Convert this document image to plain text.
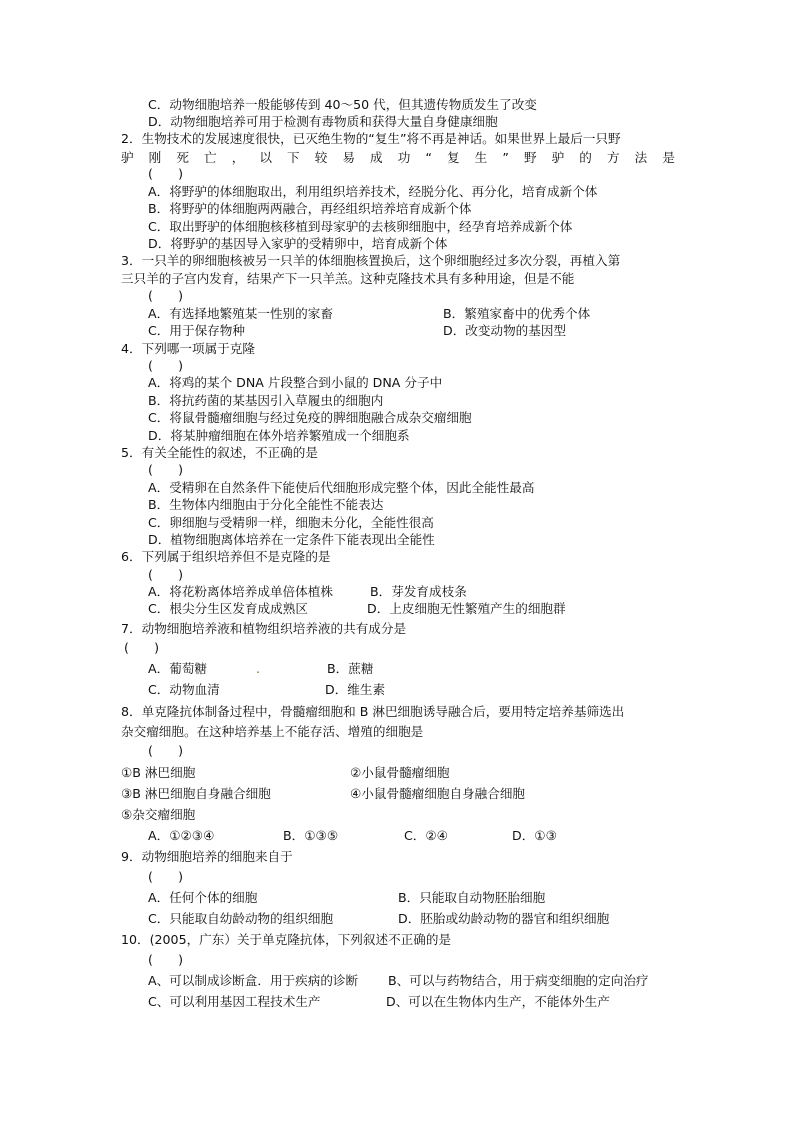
C．动物细胞培养一般能够传到 40～50 代，但其遗传物质发生了改变
D．动物细胞培养可用于检测有毒物质和获得大量自身健康细胞
2．生物技术的发展速度很快，已灭绝生物的“复生”将不再是神话。如果世界上最后一只野
驴 刚 死 亡 ， 以 下 较 易 成 功 “ 复 生 ” 野 驴 的 方 法 是
(　　)
A．将野驴的体细胞取出，利用组织培养技术，经脱分化、再分化，培育成新个体
B．将野驴的体细胞两两融合，再经组织培养培育成新个体
C．取出野驴的体细胞核移植到母家驴的去核卵细胞中，经孕育培养成新个体
D．将野驴的基因导入家驴的受精卵中，培育成新个体
3．一只羊的卵细胞核被另一只羊的体细胞核置换后，这个卵细胞经过多次分裂，再植入第
三只羊的子宫内发育，结果产下一只羊羔。这种克隆技术具有多种用途，但是不能
(　　)
A．有选择地繁殖某一性别的家畜	B．繁殖家畜中的优秀个体
C．用于保存物种	D．改变动物的基因型
4．下列哪一项属于克隆
(　　)
A．将鸡的某个 DNA 片段整合到小鼠的 DNA 分子中
B．将抗药菌的某基因引入草履虫的细胞内
C．将鼠骨髓瘤细胞与经过免疫的脾细胞融合成杂交瘤细胞
D．将某肿瘤细胞在体外培养繁殖成一个细胞系
5．有关全能性的叙述，不正确的是
(　　)
A．受精卵在自然条件下能使后代细胞形成完整个体，因此全能性最高
B．生物体内细胞由于分化全能性不能表达
C．卵细胞与受精卵一样，细胞未分化，全能性很高
D．植物细胞离体培养在一定条件下能表现出全能性
6．下列属于组织培养但不是克隆的是
(　　)
A．将花粉离体培养成单倍体植株	B．芽发育成枝条
C．根尖分生区发育成成熟区	D．上皮细胞无性繁殖产生的细胞群
7．动物细胞培养液和植物组织培养液的共有成分是
(　　)
A．葡萄糖	.	B．蔗糖
C．动物血清	D．维生素
8．单克隆抗体制备过程中，骨髓瘤细胞和 B 淋巴细胞诱导融合后，要用特定培养基筛选出
杂交瘤细胞。在这种培养基上不能存活、增殖的细胞是
(　　)
①B 淋巴细胞	②小鼠骨髓瘤细胞
③B 淋巴细胞自身融合细胞	④小鼠骨髓瘤细胞自身融合细胞
⑤杂交瘤细胞
A．①②③④	B．①③⑤	C．②④	D．①③
9．动物细胞培养的细胞来自于
(　　)
A．任何个体的细胞	B．只能取自动物胚胎细胞
C．只能取自幼龄动物的组织细胞	D．胚胎或幼龄动物的器官和组织细胞
10．(2005，广东）关于单克隆抗体，下列叙述不正确的是
(　　)
A、可以制成诊断盒．用于疾病的诊断 B、可以与药物结合，用于病变细胞的定向治疗
C、可以利用基因工程技术生产	D、可以在生物体内生产，不能体外生产
